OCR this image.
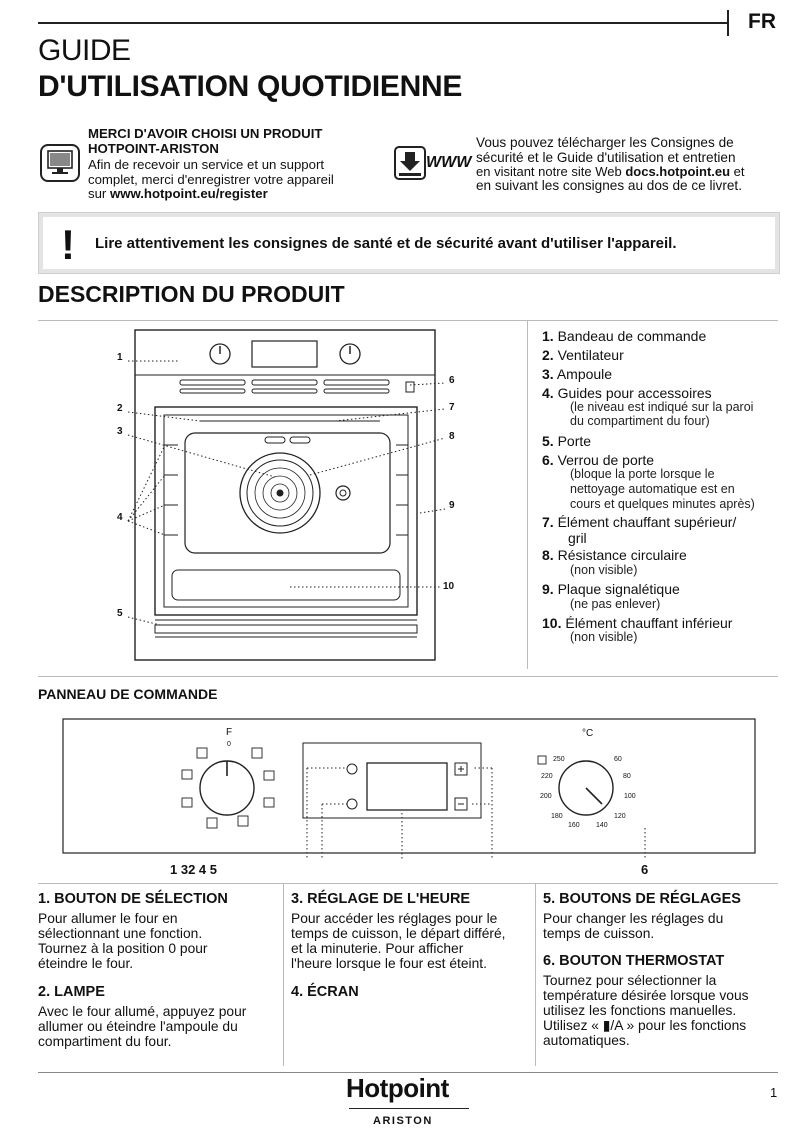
FR
GUIDE
D'UTILISATION QUOTIDIENNE
MERCI D'AVOIR CHOISI UN PRODUIT
HOTPOINT-ARISTON
Afin de recevoir un service et un support
complet, merci d'enregistrer votre appareil
sur www.hotpoint.eu/register
WWW
Vous pouvez télécharger les Consignes de
sécurité et le Guide d'utilisation et entretien
en visitant notre site Web docs.hotpoint.eu et
en suivant les consignes au dos de ce livret.
! Lire attentivement les consignes de santé et de sécurité avant d'utiliser l'appareil.
DESCRIPTION DU PRODUIT
1
2
3
4
5
6
7
8
9
10
1. Bandeau de commande
2. Ventilateur
3. Ampoule
4. Guides pour accessoires
(le niveau est indiqué sur la paroi
du compartiment du four)
5. Porte
6. Verrou de porte
(bloque la porte lorsque le
nettoyage automatique est en
cours et quelques minutes après)
7. Élément chauffant supérieur/
gril
8. Résistance circulaire
(non visible)
9. Plaque signalétique
(ne pas enlever)
10. Élément chauffant inférieur
(non visible)
PANNEAU DE COMMANDE
F
0
°C
250	60
220	80
200	100
180	120
160 140
1 32 4 5	6
1. BOUTON DE SÉLECTION
Pour allumer le four en
sélectionnant une fonction.
Tournez à la position 0 pour
éteindre le four.
2. LAMPE
Avec le four allumé, appuyez pour
allumer ou éteindre l'ampoule du
compartiment du four.
3. RÉGLAGE DE L'HEURE
Pour accéder les réglages pour le
temps de cuisson, le départ différé,
et la minuterie. Pour afficher
l'heure lorsque le four est éteint.
4. ÉCRAN
5. BOUTONS DE RÉGLAGES
Pour changer les réglages du
temps de cuisson.
6. BOUTON THERMOSTAT
Tournez pour sélectionner la
température désirée lorsque vous
utilisez les fonctions manuelles.
Utilisez « ▮/A » pour les fonctions
automatiques.
Hotpoint
ARISTON
1
